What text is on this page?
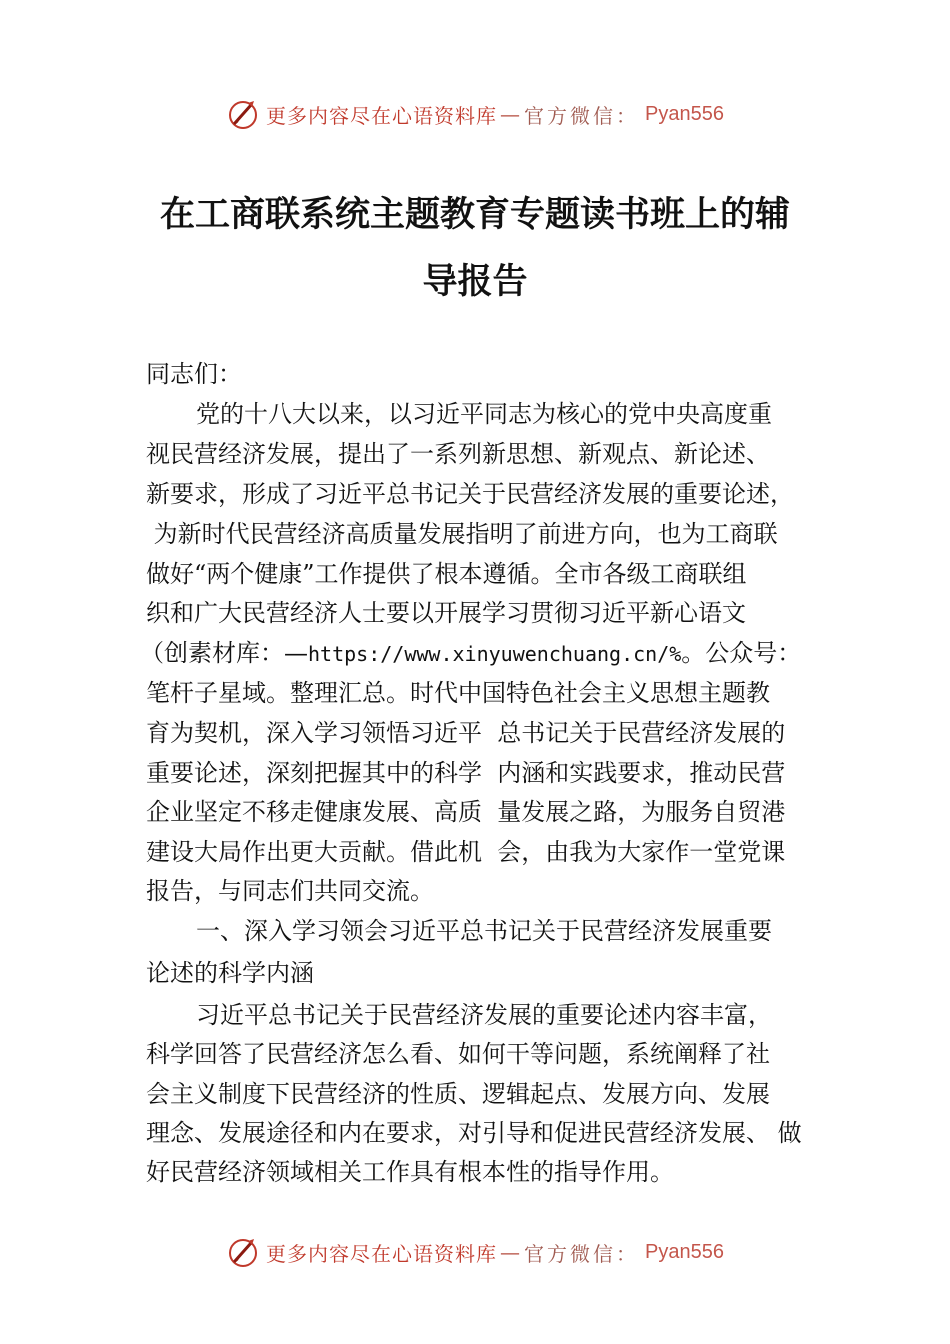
更多内容尽在心语资料库 — 官方微信： Pyan556
在工商联系统主题教育专题读书班上的辅
导报告
同志们：
党的十八大以来，以习近平同志为核心的党中央高度重
视民营经济发展，提出了一系列新思想、新观点、新论述、
新要求，形成了习近平总书记关于民营经济发展的重要论述，
为新时代民营经济高质量发展指明了前进方向，也为工商联
做好“两个健康”工作提供了根本遵循。全市各级工商联组
织和广大民营经济人士要以开展学习贯彻习近平新心语文
（创素材库：—https://www.xinyuwenchuang.cn/%。公众号：
笔杆子星域。整理汇总。时代中国特色社会主义思想主题教
育为契机，深入学习领悟习近平  总书记关于民营经济发展的
重要论述，深刻把握其中的科学  内涵和实践要求，推动民营
企业坚定不移走健康发展、高质  量发展之路，为服务自贸港
建设大局作出更大贡献。借此机  会，由我为大家作一堂党课
报告，与同志们共同交流。
一、深入学习领会习近平总书记关于民营经济发展重要
论述的科学内涵
习近平总书记关于民营经济发展的重要论述内容丰富，
科学回答了民营经济怎么看、如何干等问题，系统阐释了社
会主义制度下民营经济的性质、逻辑起点、发展方向、发展
理念、发展途径和内在要求，对引导和促进民营经济发展、 做
好民营经济领域相关工作具有根本性的指导作用。
更多内容尽在心语资料库 — 官方微信： Pyan556
